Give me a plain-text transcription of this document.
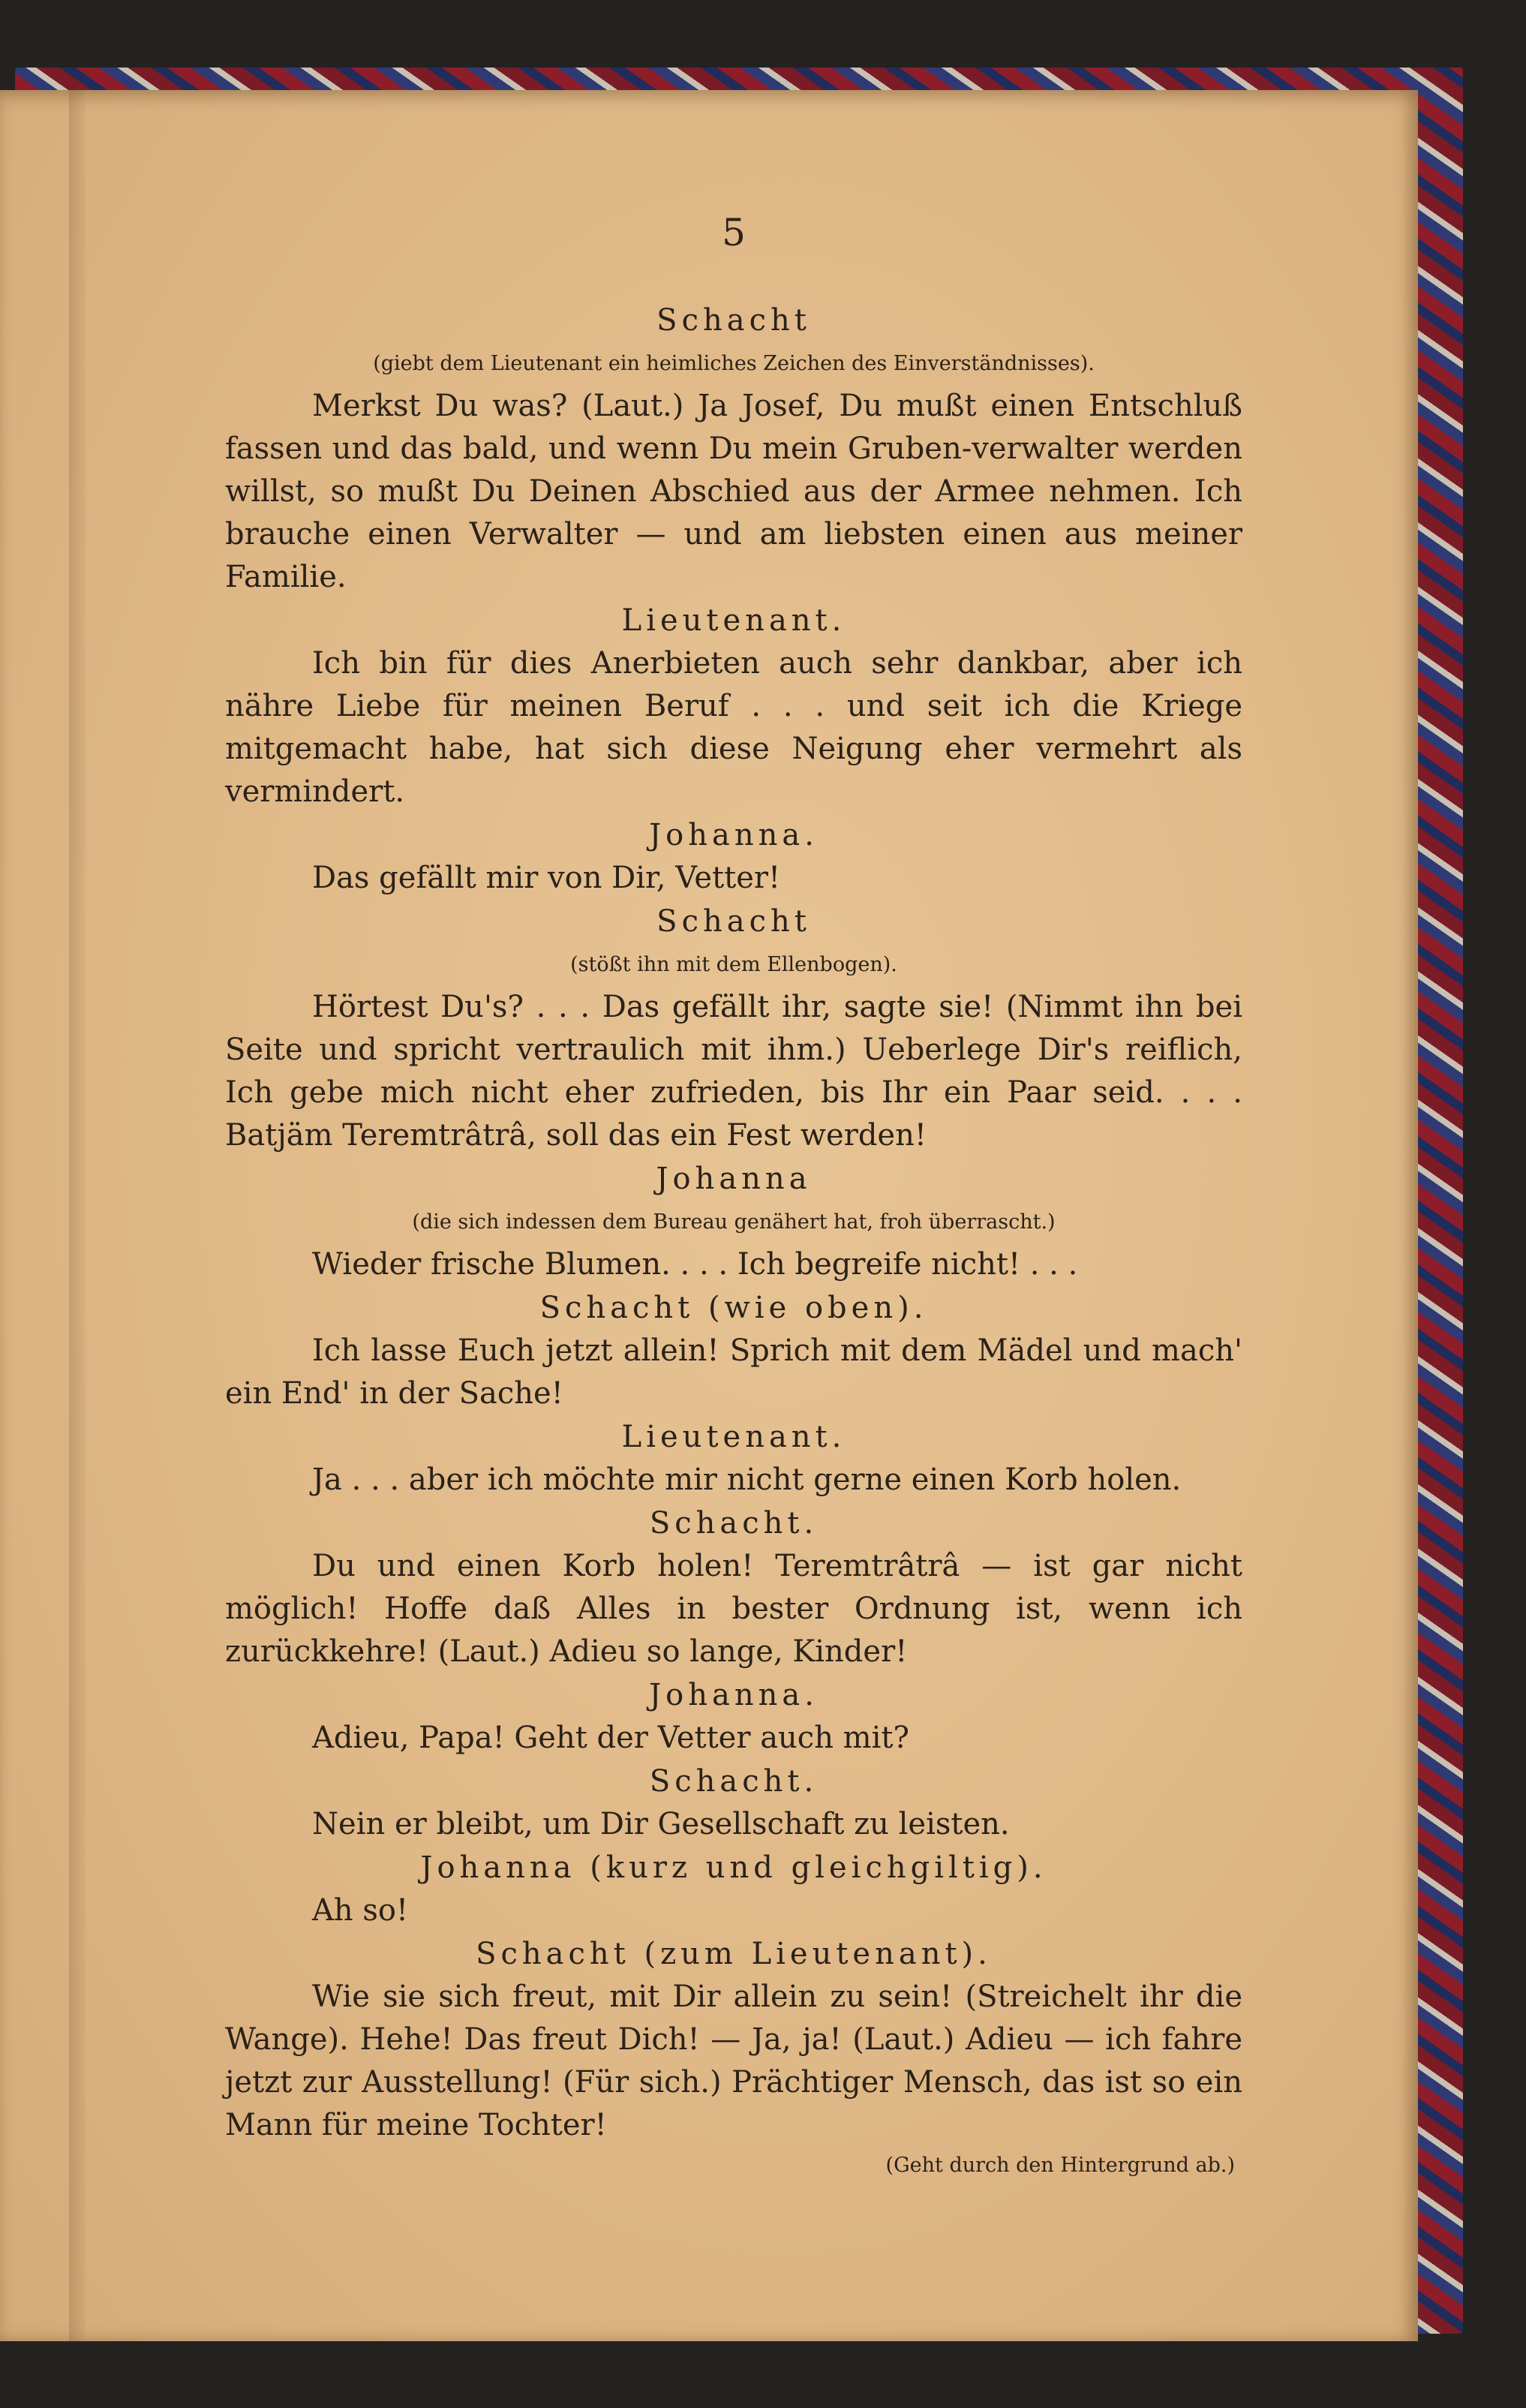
5
Schacht
(giebt dem Lieutenant ein heimliches Zeichen des Einverständnisses).

Merkst Du was? (Laut.) Ja Josef, Du mußt einen Entschluß fassen und das bald, und wenn Du mein Gruben-verwalter werden willst, so mußt Du Deinen Abschied aus der Armee nehmen. Ich brauche einen Verwalter — und am liebsten einen aus meiner Familie.

Lieutenant.

Ich bin für dies Anerbieten auch sehr dankbar, aber ich nähre Liebe für meinen Beruf . . . und seit ich die Kriege mitgemacht habe, hat sich diese Neigung eher vermehrt als vermindert.

Johanna.

Das gefällt mir von Dir, Vetter!

Schacht
(stößt ihn mit dem Ellenbogen).

Hörtest Du's? . . . Das gefällt ihr, sagte sie! (Nimmt ihn bei Seite und spricht vertraulich mit ihm.) Ueberlege Dir's reiflich, Ich gebe mich nicht eher zufrieden, bis Ihr ein Paar seid. . . . Batjäm Teremtrâtrâ, soll das ein Fest werden!

Johanna
(die sich indessen dem Bureau genähert hat, froh überrascht.)

Wieder frische Blumen. . . . Ich begreife nicht! . . .

Schacht (wie oben).

Ich lasse Euch jetzt allein! Sprich mit dem Mädel und mach' ein End' in der Sache!

Lieutenant.

Ja . . . aber ich möchte mir nicht gerne einen Korb holen.

Schacht.

Du und einen Korb holen! Teremtrâtrâ — ist gar nicht möglich! Hoffe daß Alles in bester Ordnung ist, wenn ich zurückkehre! (Laut.) Adieu so lange, Kinder!

Johanna.

Adieu, Papa! Geht der Vetter auch mit?

Schacht.

Nein er bleibt, um Dir Gesellschaft zu leisten.

Johanna (kurz und gleichgiltig).

Ah so!

Schacht (zum Lieutenant).

Wie sie sich freut, mit Dir allein zu sein! (Streichelt ihr die Wange). Hehe! Das freut Dich! — Ja, ja! (Laut.) Adieu — ich fahre jetzt zur Ausstellung! (Für sich.) Prächtiger Mensch, das ist so ein Mann für meine Tochter!

(Geht durch den Hintergrund ab.)
